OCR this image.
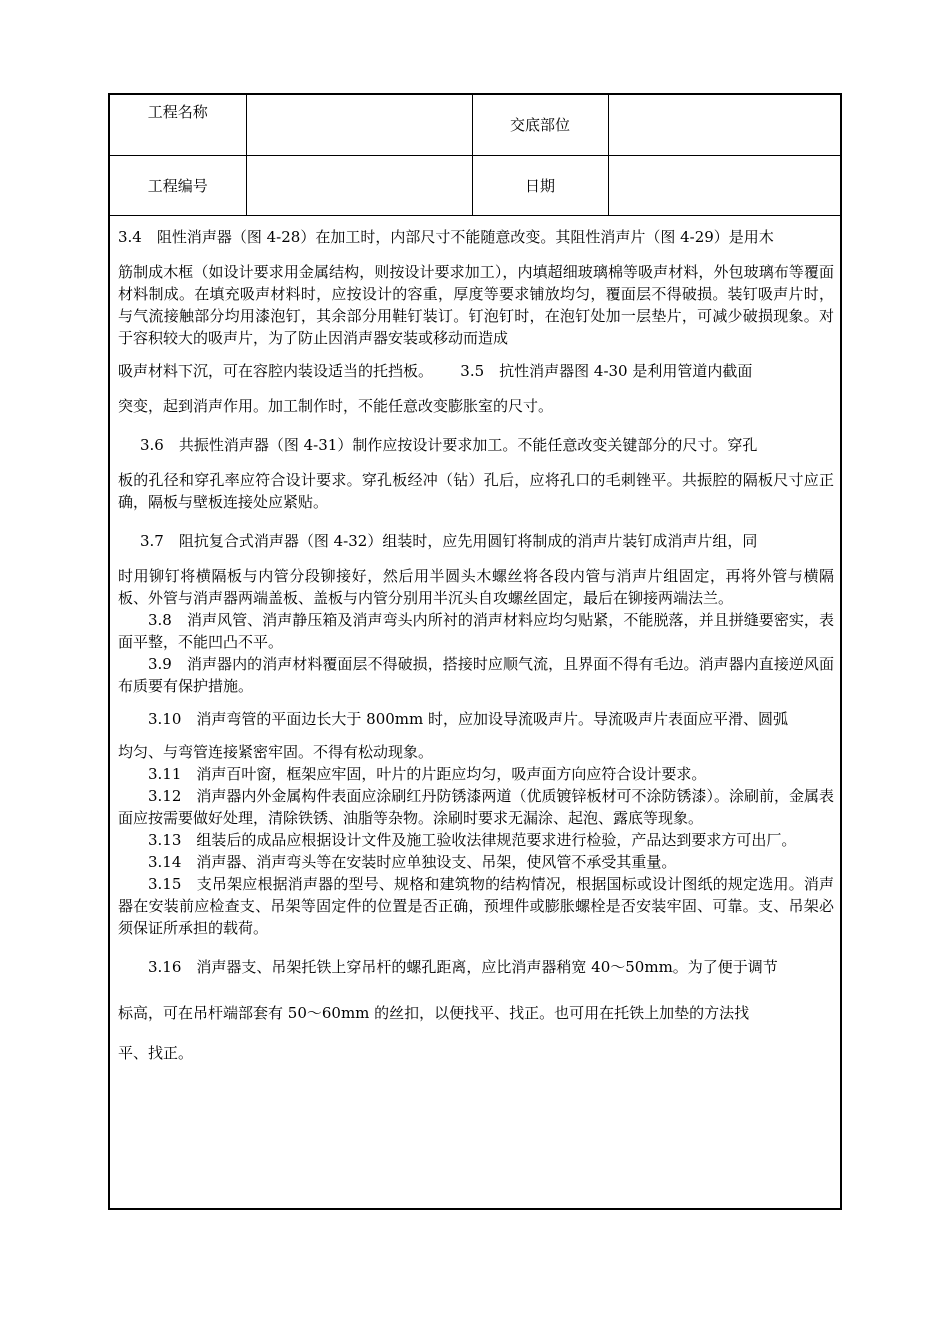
工程名称		交底部位	
工程编号		日期	

3.4　阻性消声器（图 4-28）在加工时，内部尺寸不能随意改变。其阻性消声片（图 4-29）是用木

筋制成木框（如设计要求用金属结构，则按设计要求加工），内填超细玻璃棉等吸声材料，外包玻璃布等覆面材料制成。在填充吸声材料时，应按设计的容重，厚度等要求铺放均匀，覆面层不得破损。装钉吸声片时，与气流接触部分均用漆泡钉，其余部分用鞋钉装订。钉泡钉时，在泡钉处加一层垫片，可减少破损现象。对于容积较大的吸声片，为了防止因消声器安装或移动而造成

吸声材料下沉，可在容腔内装设适当的托挡板。　　 3.5　抗性消声器图 4-30 是利用管道内截面

突变，起到消声作用。加工制作时，不能任意改变膨胀室的尺寸。

3.6　共振性消声器（图 4-31）制作应按设计要求加工。不能任意改变关键部分的尺寸。穿孔

板的孔径和穿孔率应符合设计要求。穿孔板经冲（钻）孔后，应将孔口的毛刺锉平。共振腔的隔板尺寸应正确，隔板与壁板连接处应紧贴。

3.7　阻抗复合式消声器（图 4-32）组装时，应先用圆钉将制成的消声片装钉成消声片组，同

时用铆钉将横隔板与内管分段铆接好，然后用半圆头木螺丝将各段内管与消声片组固定，再将外管与横隔板、外管与消声器两端盖板、盖板与内管分别用半沉头自攻螺丝固定，最后在铆接两端法兰。

3.8　消声风管、消声静压箱及消声弯头内所衬的消声材料应均匀贴紧，不能脱落，并且拼缝要密实，表面平整，不能凹凸不平。

3.9　消声器内的消声材料覆面层不得破损，搭接时应顺气流，且界面不得有毛边。消声器内直接逆风面布质要有保护措施。

3.10　消声弯管的平面边长大于 800mm 时，应加设导流吸声片。导流吸声片表面应平滑、圆弧

均匀、与弯管连接紧密牢固。不得有松动现象。

3.11　消声百叶窗，框架应牢固，叶片的片距应均匀，吸声面方向应符合设计要求。

3.12　消声器内外金属构件表面应涂刷红丹防锈漆两道（优质镀锌板材可不涂防锈漆）。涂刷前，金属表面应按需要做好处理，清除铁锈、油脂等杂物。涂刷时要求无漏涂、起泡、露底等现象。

3.13　组装后的成品应根据设计文件及施工验收法律规范要求进行检验，产品达到要求方可出厂。

3.14　消声器、消声弯头等在安装时应单独设支、吊架，使风管不承受其重量。

3.15　支吊架应根据消声器的型号、规格和建筑物的结构情况，根据国标或设计图纸的规定选用。消声器在安装前应检查支、吊架等固定件的位置是否正确，预埋件或膨胀螺栓是否安装牢固、可靠。支、吊架必须保证所承担的载荷。

3.16　消声器支、吊架托铁上穿吊杆的螺孔距离，应比消声器稍宽 40～50mm。为了便于调节

标高，可在吊杆端部套有 50～60mm 的丝扣，以便找平、找正。也可用在托铁上加垫的方法找

平、找正。
